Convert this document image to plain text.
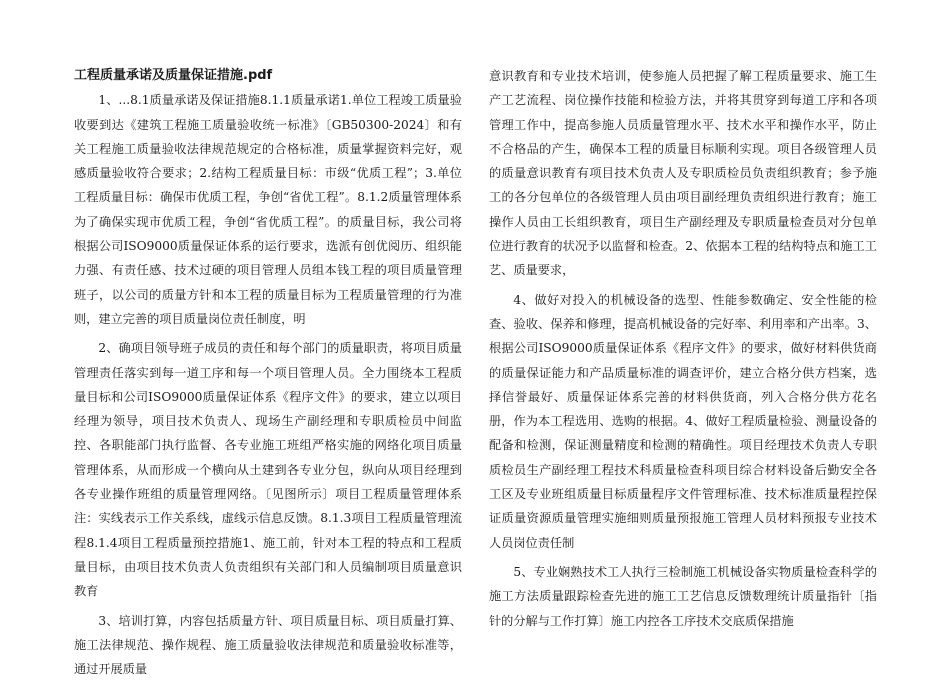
工程质量承诺及质量保证措施.pdf

1、...8.1质量承诺及保证措施8.1.1质量承诺1.单位工程竣工质量验收要到达《建筑工程施工质量验收统一标准》〔GB50300-2024〕和有关工程施工质量验收法律规范规定的合格标准，质量掌握资料完好，观感质量验收符合要求；2.结构工程质量目标：市级“优质工程”；3.单位工程质量目标：确保市优质工程，争创“省优工程”。8.1.2质量管理体系为了确保实现市优质工程，争创“省优质工程”。的质量目标，我公司将根据公司ISO9000质量保证体系的运行要求，选派有创优阅历、组织能力强、有责任感、技术过硬的项目管理人员组本钱工程的项目质量管理班子，以公司的质量方针和本工程的质量目标为工程质量管理的行为准则，建立完善的项目质量岗位责任制度，明

2、确项目领导班子成员的责任和每个部门的质量职责，将项目质量管理责任落实到每一道工序和每一个项目管理人员。全力围绕本工程质量目标和公司ISO9000质量保证体系《程序文件》的要求，建立以项目经理为领导，项目技术负责人、现场生产副经理和专职质检员中间监控、各职能部门执行监督、各专业施工班组严格实施的网络化项目质量管理体系，从而形成一个横向从土建到各专业分包，纵向从项目经理到各专业操作班组的质量管理网络。〔见图所示〕项目工程质量管理体系注：实线表示工作关系线，虚线示信息反馈。8.1.3项目工程质量管理流程8.1.4项目工程质量预控措施1、施工前，针对本工程的特点和工程质量目标，由项目技术负责人负责组织有关部门和人员编制项目质量意识教育

3、培训打算，内容包括质量方针、项目质量目标、项目质量打算、施工法律规范、操作规程、施工质量验收法律规范和质量验收标准等，通过开展质量

意识教育和专业技术培训，使参施人员把握了解工程质量要求、施工生产工艺流程、岗位操作技能和检验方法，并将其贯穿到每道工序和各项管理工作中，提高参施人员质量管理水平、技术水平和操作水平，防止不合格品的产生，确保本工程的质量目标顺利实现。项目各级管理人员的质量意识教育有项目技术负责人及专职质检员负责组织教育；参予施工的各分包单位的各级管理人员由项目副经理负责组织进行教育；施工操作人员由工长组织教育，项目生产副经理及专职质量检查员对分包单位进行教育的状况予以监督和检查。2、依据本工程的结构特点和施工工艺、质量要求，

4、做好对投入的机械设备的选型、性能参数确定、安全性能的检查、验收、保养和修理，提高机械设备的完好率、利用率和产出率。3、根据公司ISO9000质量保证体系《程序文件》的要求，做好材料供货商的质量保证能力和产品质量标准的调查评价，建立合格分供方档案，选择信誉最好、质量保证体系完善的材料供货商，列入合格分供方花名册，作为本工程选用、选购的根据。4、做好工程质量检验、测量设备的配备和检测，保证测量精度和检测的精确性。项目经理技术负责人专职质检员生产副经理工程技术科质量检查科项目综合材料设备后勤安全各工区及专业班组质量目标质量程序文件管理标准、技术标准质量程控保证质量资源质量管理实施细则质量预报施工管理人员材料预报专业技术人员岗位责任制

5、专业娴熟技术工人执行三检制施工机械设备实物质量检查科学的施工方法质量跟踪检查先进的施工工艺信息反馈数理统计质量指针〔指针的分解与工作打算〕施工内控各工序技术交底质保措施
